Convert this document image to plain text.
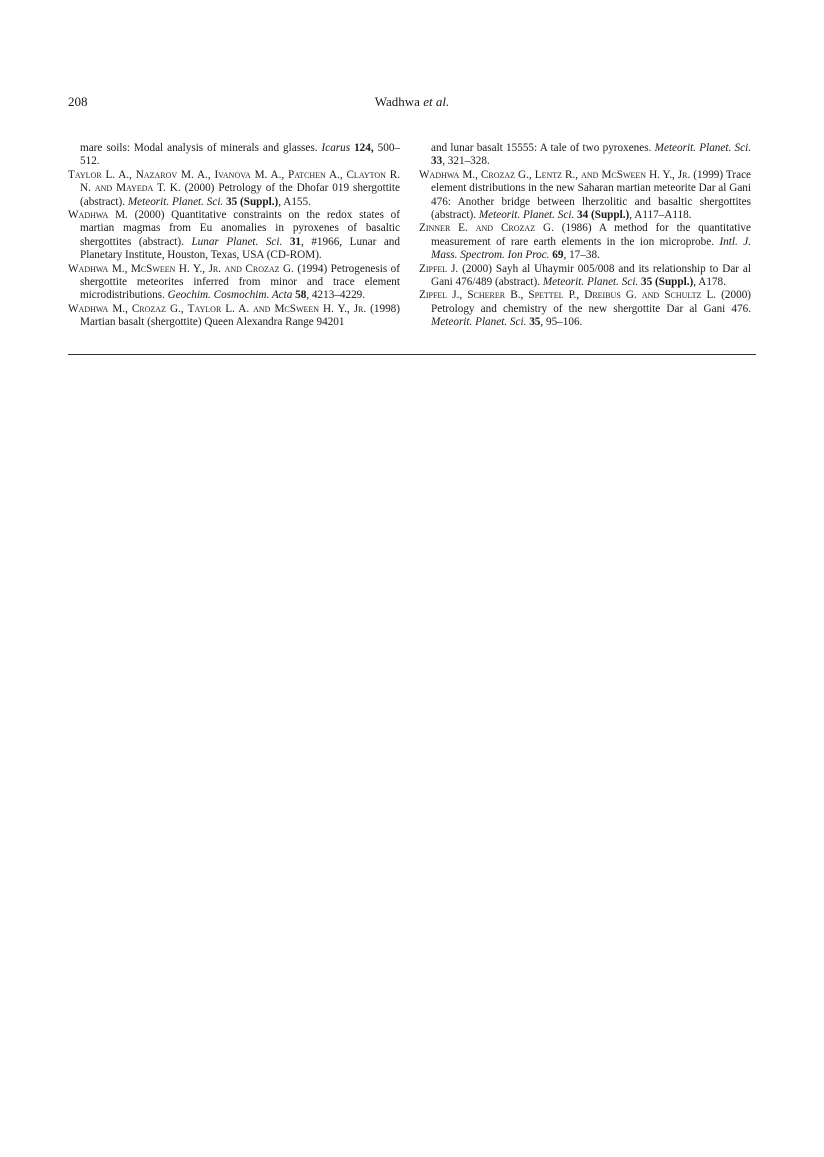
208	Wadhwa et al.

mare soils: Modal analysis of minerals and glasses. Icarus 124, 500–512.

Taylor L. A., Nazarov M. A., Ivanova M. A., Patchen A., Clayton R. N. and Mayeda T. K. (2000) Petrology of the Dhofar 019 shergottite (abstract). Meteorit. Planet. Sci. 35 (Suppl.), A155.

Wadhwa M. (2000) Quantitative constraints on the redox states of martian magmas from Eu anomalies in pyroxenes of basaltic shergottites (abstract). Lunar Planet. Sci. 31, #1966, Lunar and Planetary Institute, Houston, Texas, USA (CD-ROM).

Wadhwa M., McSween H. Y., Jr. and Crozaz G. (1994) Petrogenesis of shergottite meteorites inferred from minor and trace element microdistributions. Geochim. Cosmochim. Acta 58, 4213–4229.

Wadhwa M., Crozaz G., Taylor L. A. and McSween H. Y., Jr. (1998) Martian basalt (shergottite) Queen Alexandra Range 94201

and lunar basalt 15555: A tale of two pyroxenes. Meteorit. Planet. Sci. 33, 321–328.

Wadhwa M., Crozaz G., Lentz R., and McSween H. Y., Jr. (1999) Trace element distributions in the new Saharan martian meteorite Dar al Gani 476: Another bridge between lherzolitic and basaltic shergottites (abstract). Meteorit. Planet. Sci. 34 (Suppl.), A117–A118.

Zinner E. and Crozaz G. (1986) A method for the quantitative measurement of rare earth elements in the ion microprobe. Intl. J. Mass. Spectrom. Ion Proc. 69, 17–38.

Zipfel J. (2000) Sayh al Uhaymir 005/008 and its relationship to Dar al Gani 476/489 (abstract). Meteorit. Planet. Sci. 35 (Suppl.), A178.

Zipfel J., Scherer B., Spettel P., Dreibus G. and Schultz L. (2000) Petrology and chemistry of the new shergottite Dar al Gani 476. Meteorit. Planet. Sci. 35, 95–106.
